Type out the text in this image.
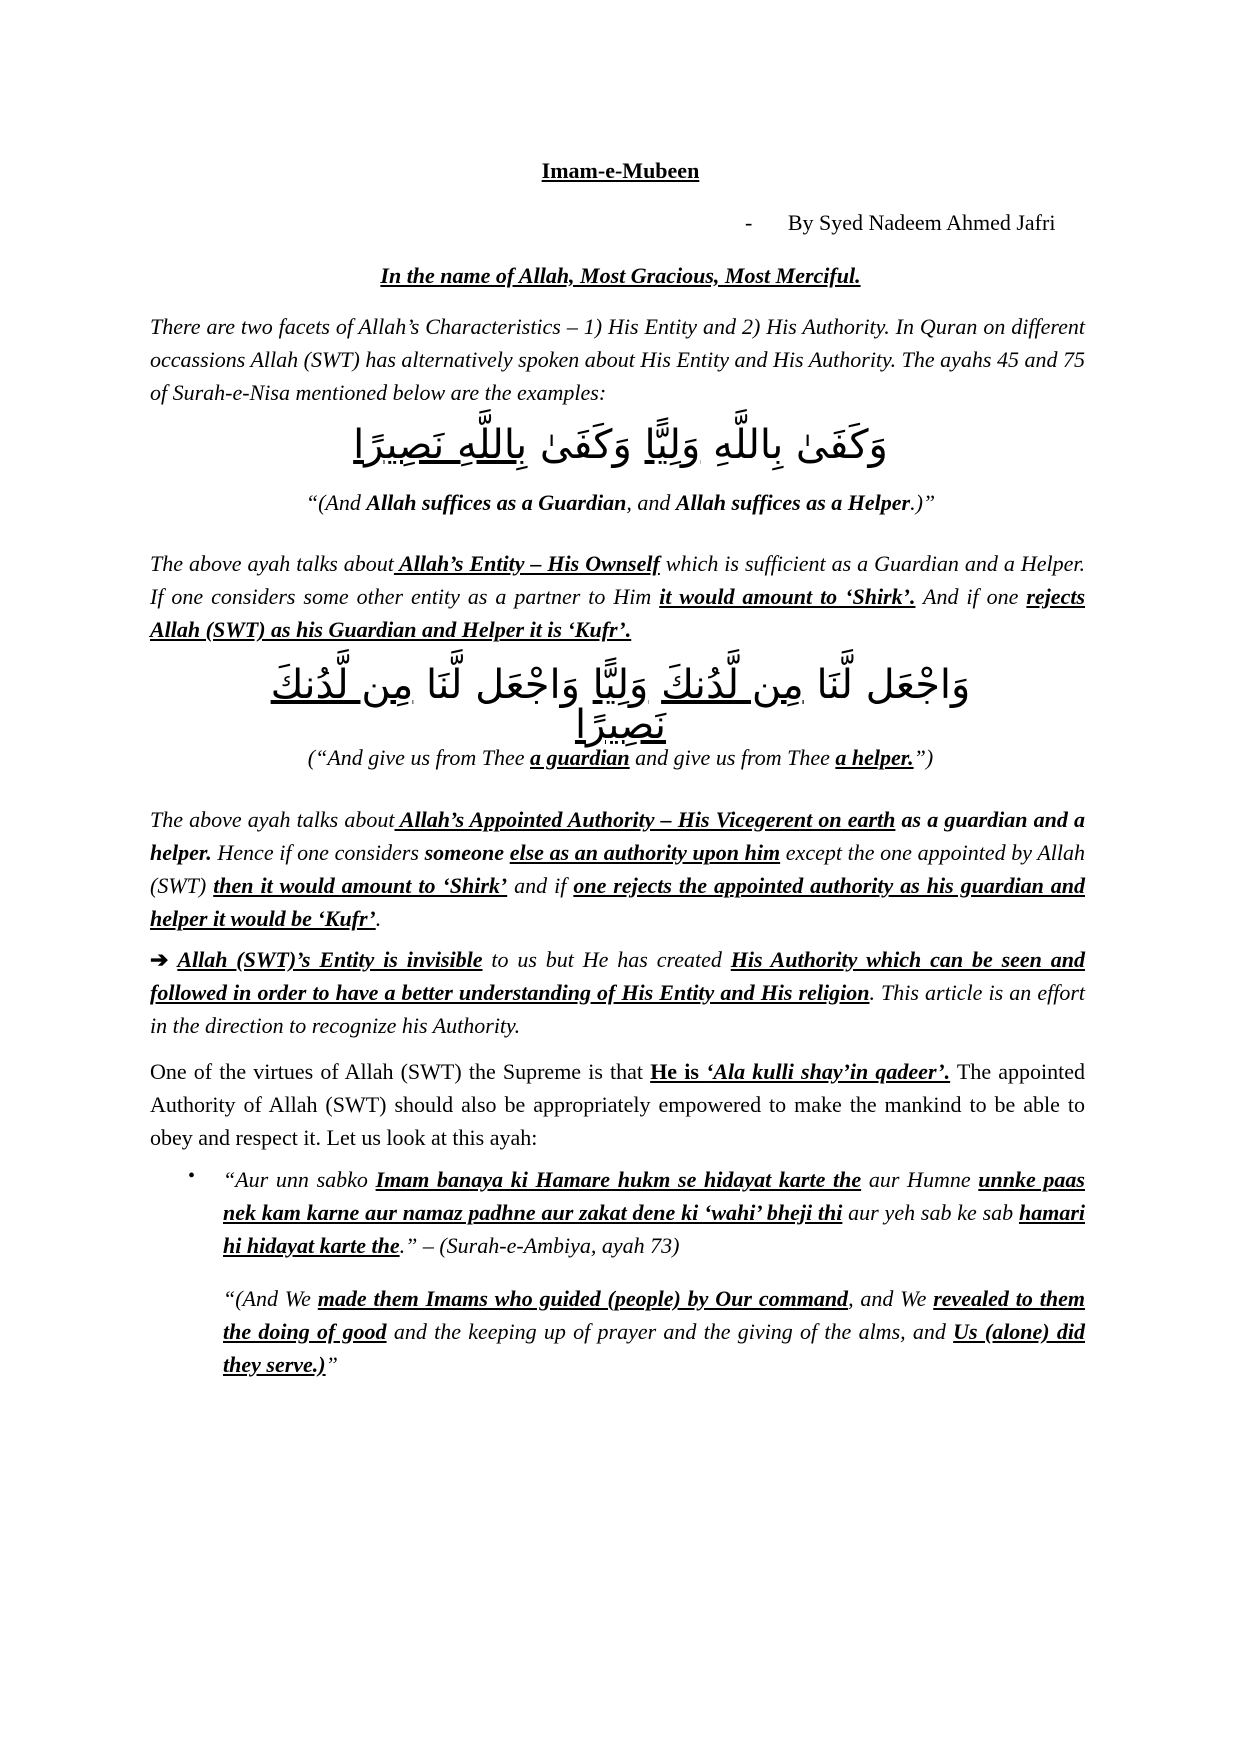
Imam-e-Mubeen
- By Syed Nadeem Ahmed Jafri
In the name of Allah, Most Gracious, Most Merciful.

There are two facets of Allah’s Characteristics – 1) His Entity and 2) His Authority. In Quran on different occassions Allah (SWT) has alternatively spoken about His Entity and His Authority. The ayahs 45 and 75 of Surah-e-Nisa mentioned below are the examples:

وَكَفَىٰ بِاللَّهِ وَلِيًّا وَكَفَىٰ بِاللَّهِ نَصِيرًا
“(And Allah suffices as a Guardian, and Allah suffices as a Helper.)”

The above ayah talks about Allah’s Entity – His Ownself which is sufficient as a Guardian and a Helper. If one considers some other entity as a partner to Him it would amount to ‘Shirk’. And if one rejects Allah (SWT) as his Guardian and Helper it is ‘Kufr’.

وَاجْعَل لَّنَا مِن لَّدُنكَ وَلِيًّا وَاجْعَل لَّنَا مِن لَّدُنكَ نَصِيرًا
(“And give us from Thee a guardian and give us from Thee a helper.”)

The above ayah talks about Allah’s Appointed Authority – His Vicegerent on earth as a guardian and a helper. Hence if one considers someone else as an authority upon him except the one appointed by Allah (SWT) then it would amount to ‘Shirk’ and if one rejects the appointed authority as his guardian and helper it would be ‘Kufr’.

➔ Allah (SWT)’s Entity is invisible to us but He has created His Authority which can be seen and followed in order to have a better understanding of His Entity and His religion. This article is an effort in the direction to recognize his Authority.

One of the virtues of Allah (SWT) the Supreme is that He is ‘Ala kulli shay’in qadeer’. The appointed Authority of Allah (SWT) should also be appropriately empowered to make the mankind to be able to obey and respect it. Let us look at this ayah:

• “Aur unn sabko Imam banaya ki Hamare hukm se hidayat karte the aur Humne unnke paas nek kam karne aur namaz padhne aur zakat dene ki ‘wahi’ bheji thi aur yeh sab ke sab hamari hi hidayat karte the.” – (Surah-e-Ambiya, ayah 73)

“(And We made them Imams who guided (people) by Our command, and We revealed to them the doing of good and the keeping up of prayer and the giving of the alms, and Us (alone) did they serve.)”
